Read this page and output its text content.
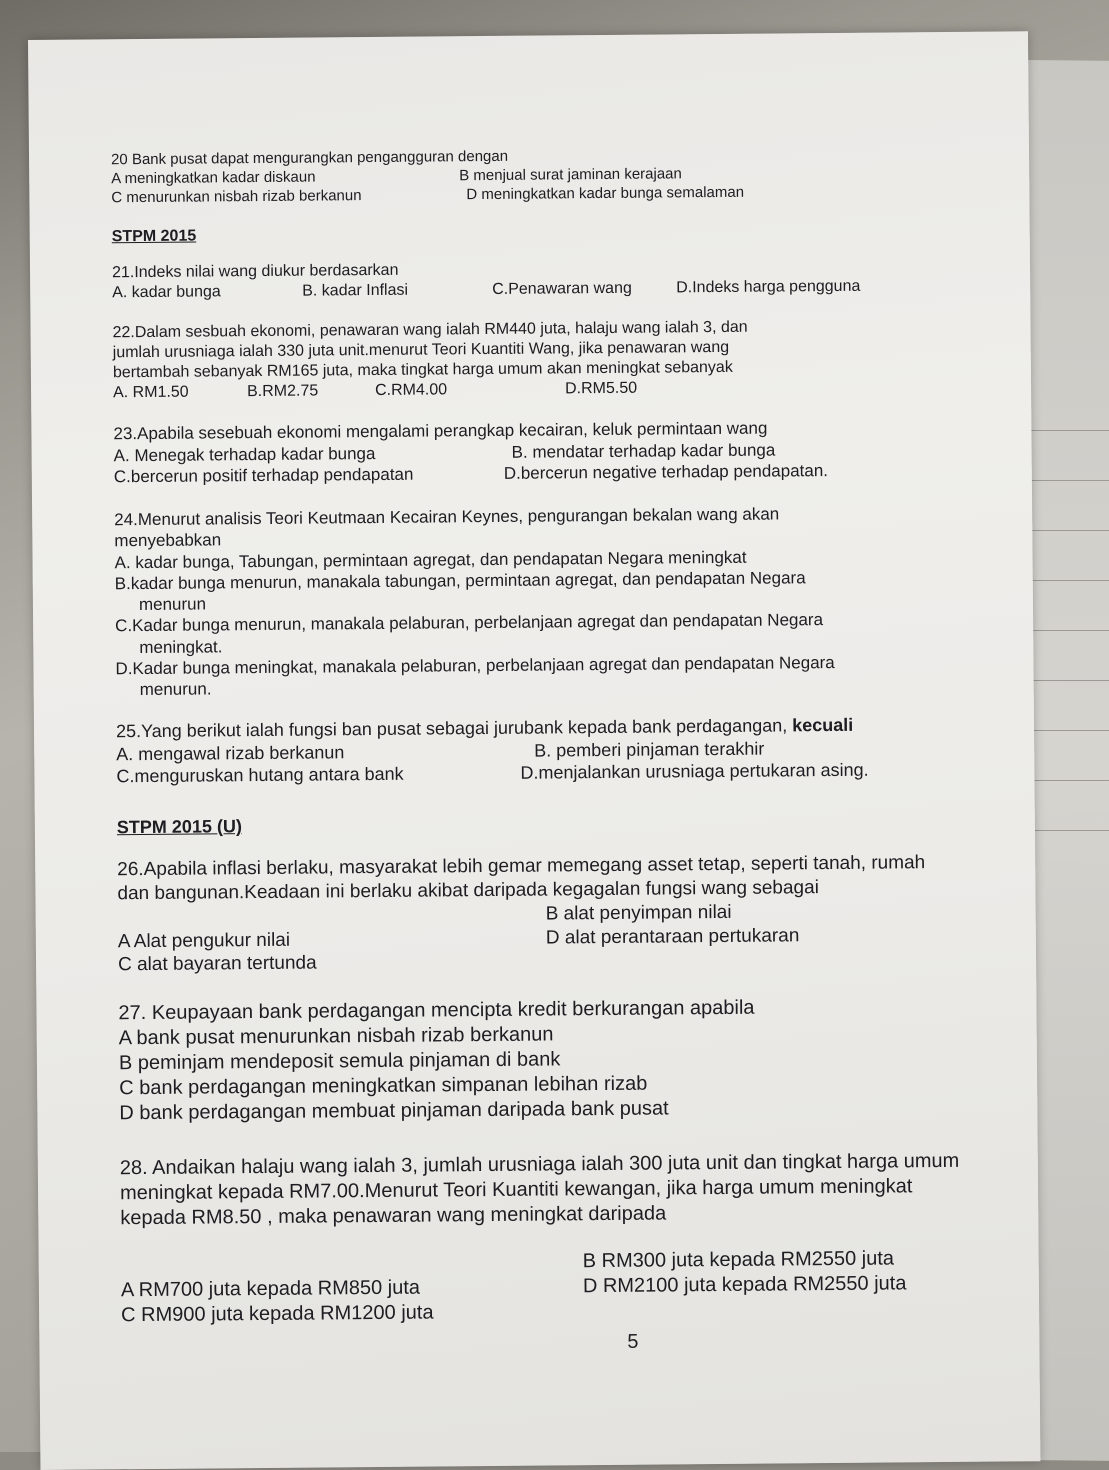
20 Bank pusat dapat mengurangkan pengangguran dengan
A meningkatkan kadar diskaun	B menjual surat jaminan kerajaan
C menurunkan nisbah rizab berkanun	D meningkatkan kadar bunga semalaman
STPM 2015
21.Indeks nilai wang diukur berdasarkan
A. kadar bunga	B. kadar Inflasi	C.Penawaran wang	D.Indeks harga pengguna
22.Dalam sesbuah ekonomi, penawaran wang ialah RM440 juta, halaju wang ialah 3, dan
jumlah urusniaga ialah 330 juta unit.menurut Teori Kuantiti Wang, jika penawaran wang
bertambah sebanyak RM165 juta, maka tingkat harga umum akan meningkat sebanyak
A. RM1.50	B.RM2.75	C.RM4.00	D.RM5.50
23.Apabila sesebuah ekonomi mengalami perangkap kecairan, keluk permintaan wang
A. Menegak terhadap kadar bunga	B. mendatar terhadap kadar bunga
C.bercerun positif terhadap pendapatan	D.bercerun negative terhadap pendapatan.
24.Menurut analisis Teori Keutmaan Kecairan Keynes, pengurangan bekalan wang akan
menyebabkan
A. kadar bunga, Tabungan, permintaan agregat, dan pendapatan Negara meningkat
B.kadar bunga menurun, manakala tabungan, permintaan agregat, dan pendapatan Negara
menurun
C.Kadar bunga menurun, manakala pelaburan, perbelanjaan agregat dan pendapatan Negara
meningkat.
D.Kadar bunga meningkat, manakala pelaburan, perbelanjaan agregat dan pendapatan Negara
menurun.
25.Yang berikut ialah fungsi ban pusat sebagai jurubank kepada bank perdagangan, kecuali
A. mengawal rizab berkanun	B. pemberi pinjaman terakhir
C.menguruskan hutang antara bank	D.menjalankan urusniaga pertukaran asing.
STPM 2015 (U)
26.Apabila inflasi berlaku, masyarakat lebih gemar memegang asset tetap, seperti tanah, rumah
dan bangunan.Keadaan ini berlaku akibat daripada kegagalan fungsi wang sebagai
B alat penyimpan nilai
A Alat pengukur nilai	D alat perantaraan pertukaran
C alat bayaran tertunda
27. Keupayaan bank perdagangan mencipta kredit berkurangan apabila
A bank pusat menurunkan nisbah rizab berkanun
B peminjam mendeposit semula pinjaman di bank
C bank perdagangan meningkatkan simpanan lebihan rizab
D bank perdagangan membuat pinjaman daripada bank pusat
28. Andaikan halaju wang ialah 3, jumlah urusniaga ialah 300 juta unit dan tingkat harga umum
meningkat kepada RM7.00.Menurut Teori Kuantiti kewangan, jika harga umum meningkat
kepada RM8.50 , maka penawaran wang meningkat daripada
B RM300 juta kepada RM2550 juta
A RM700 juta kepada RM850 juta	D RM2100 juta kepada RM2550 juta
C RM900 juta kepada RM1200 juta
5
